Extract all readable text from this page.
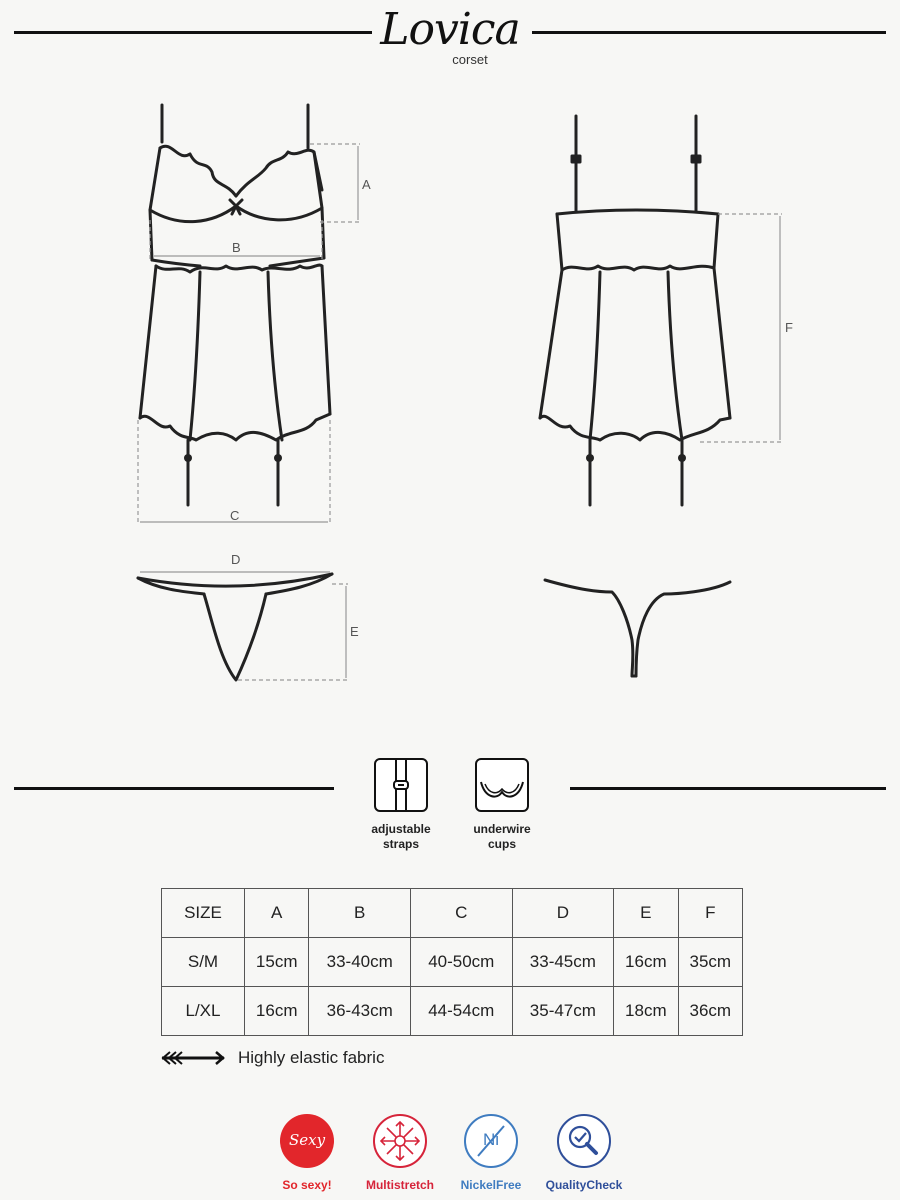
Lovica
corset
A
B
C
D
E
F
adjustable
straps
underwire
cups
SIZE	A	B	C	D	E	F
S/M	15cm	33-40cm	40-50cm	33-45cm	16cm	35cm
L/XL	16cm	36-43cm	44-54cm	35-47cm	18cm	36cm
Highly elastic fabric
Sexy
So sexy!	Multistretch
Ni
NickelFree	QualityCheck
